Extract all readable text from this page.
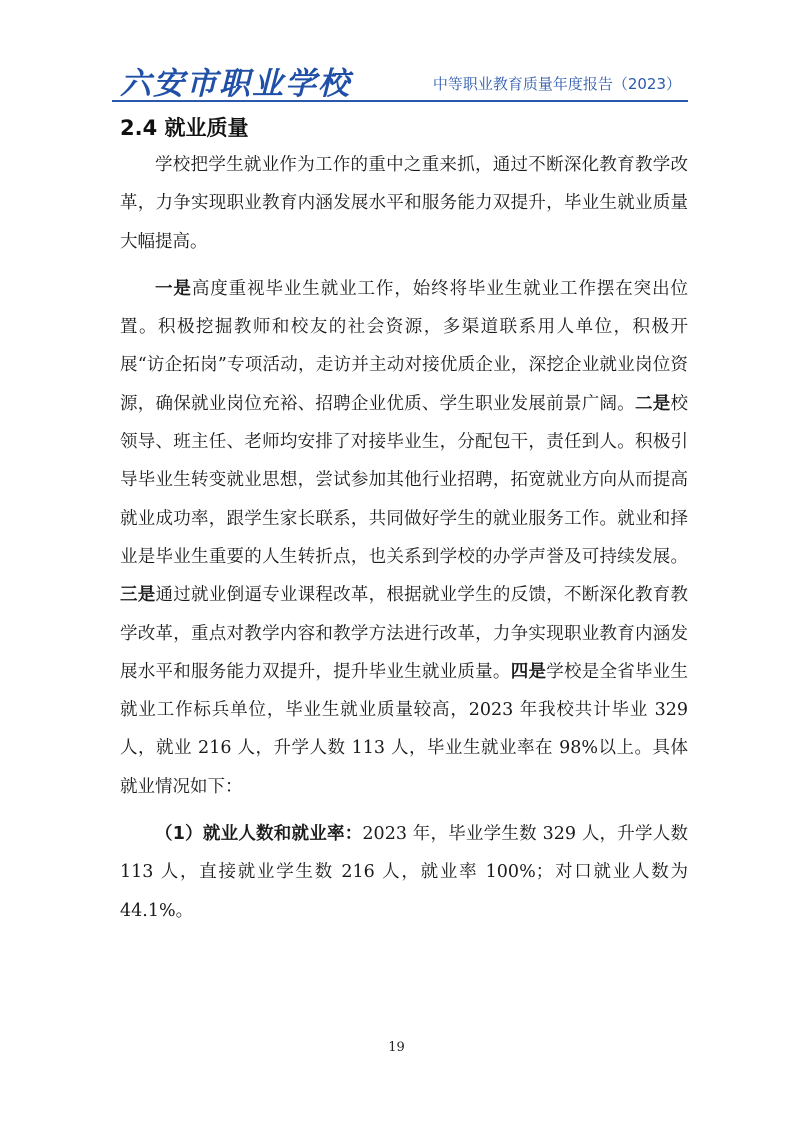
六安市职业学校	中等职业教育质量年度报告（2023）
2.4 就业质量

学校把学生就业作为工作的重中之重来抓，通过不断深化教育教学改革，力争实现职业教育内涵发展水平和服务能力双提升，毕业生就业质量大幅提高。

一是高度重视毕业生就业工作，始终将毕业生就业工作摆在突出位置。积极挖掘教师和校友的社会资源，多渠道联系用人单位，积极开展“访企拓岗”专项活动，走访并主动对接优质企业，深挖企业就业岗位资源，确保就业岗位充裕、招聘企业优质、学生职业发展前景广阔。二是校领导、班主任、老师均安排了对接毕业生，分配包干，责任到人。积极引导毕业生转变就业思想，尝试参加其他行业招聘，拓宽就业方向从而提高就业成功率，跟学生家长联系，共同做好学生的就业服务工作。就业和择业是毕业生重要的人生转折点，也关系到学校的办学声誉及可持续发展。三是通过就业倒逼专业课程改革，根据就业学生的反馈，不断深化教育教学改革，重点对教学内容和教学方法进行改革，力争实现职业教育内涵发展水平和服务能力双提升，提升毕业生就业质量。四是学校是全省毕业生就业工作标兵单位，毕业生就业质量较高，2023 年我校共计毕业 329 人，就业 216 人，升学人数 113 人，毕业生就业率在 98%以上。具体就业情况如下：

（1）就业人数和就业率：2023 年，毕业学生数 329 人，升学人数 113 人，直接就业学生数 216 人，就业率 100%；对口就业人数为 44.1%。

19
